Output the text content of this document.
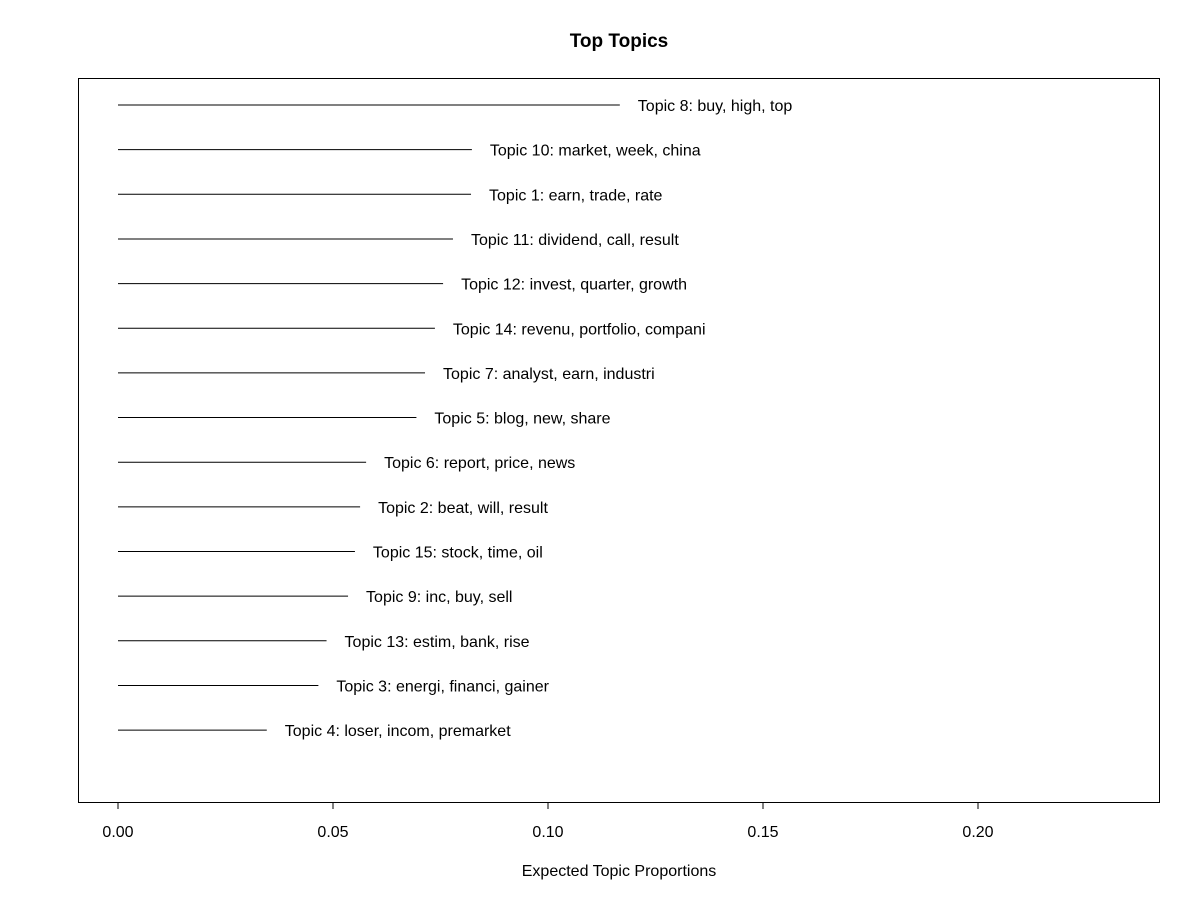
Top Topics
Topic 8: buy, high, top
Topic 10: market, week, china
Topic 1: earn, trade, rate
Topic 11: dividend, call, result
Topic 12: invest, quarter, growth
Topic 14: revenu, portfolio, compani
Topic 7: analyst, earn, industri
Topic 5: blog, new, share
Topic 6: report, price, news
Topic 2: beat, will, result
Topic 15: stock, time, oil
Topic 9: inc, buy, sell
Topic 13: estim, bank, rise
Topic 3: energi, financi, gainer
Topic 4: loser, incom, premarket
0.00	0.05	0.10	0.15	0.20
Expected Topic Proportions
